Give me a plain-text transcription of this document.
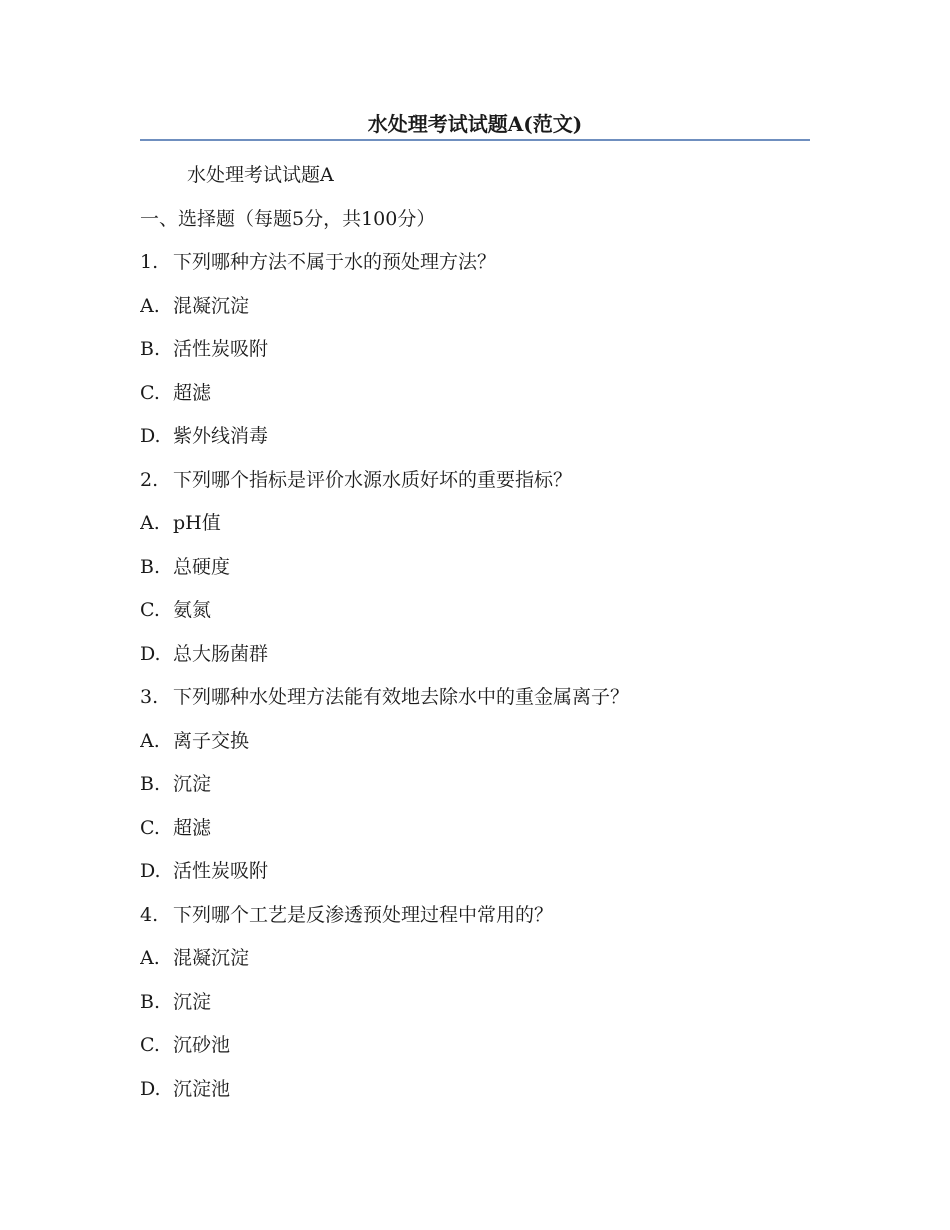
水处理考试试题A(范文)
水处理考试试题A
一、选择题（每题5分，共100分）
1. 下列哪种方法不属于水的预处理方法？
A. 混凝沉淀
B. 活性炭吸附
C. 超滤
D. 紫外线消毒
2. 下列哪个指标是评价水源水质好坏的重要指标？
A. pH值
B. 总硬度
C. 氨氮
D. 总大肠菌群
3. 下列哪种水处理方法能有效地去除水中的重金属离子？
A. 离子交换
B. 沉淀
C. 超滤
D. 活性炭吸附
4. 下列哪个工艺是反渗透预处理过程中常用的？
A. 混凝沉淀
B. 沉淀
C. 沉砂池
D. 沉淀池
